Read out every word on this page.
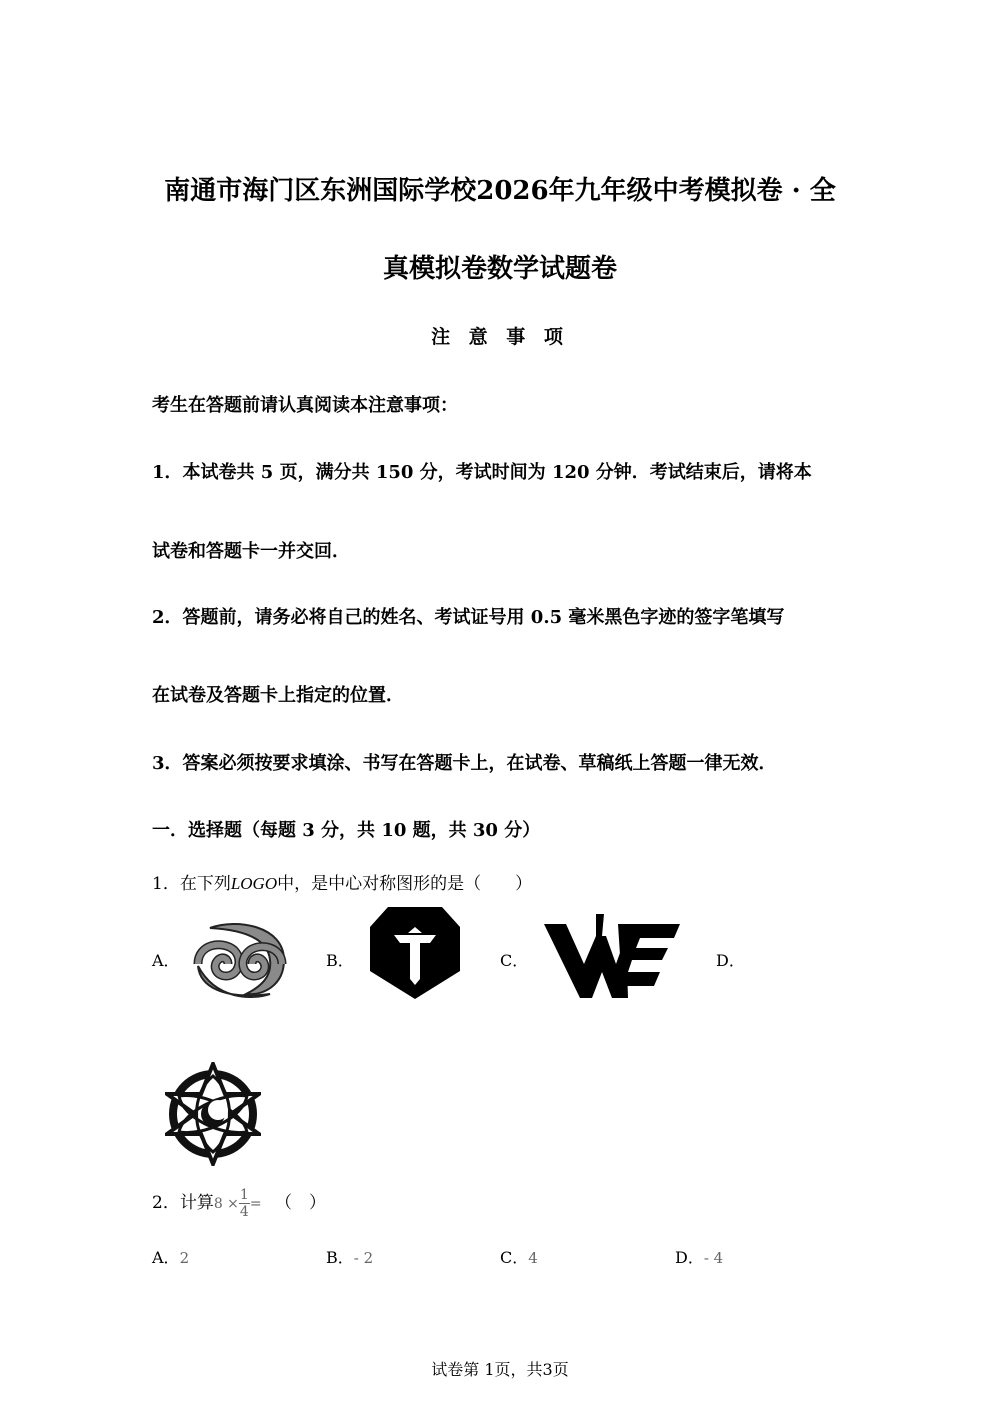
南通市海门区东洲国际学校2026年九年级中考模拟卷 · 全
真模拟卷数学试题卷
注 意 事 项
考生在答题前请认真阅读本注意事项：
1．本试卷共 5 页，满分共 150 分，考试时间为 120 分钟．考试结束后，请将本
试卷和答题卡一并交回．
2．答题前，请务必将自己的姓名、考试证号用 0.5 毫米黑色字迹的签字笔填写
在试卷及答题卡上指定的位置．
3．答案必须按要求填涂、书写在答题卡上，在试卷、草稿纸上答题一律无效．
一．选择题（每题 3 分，共 10 题，共 30 分）
1．在下列LOGO中，是中心对称图形的是（　　）
A．	B．	C．	D．
2．计算$8 \times \frac{1}{4}$ = （　）
A．2	B．- 2	C．4	D．- 4
试卷第 1页，共3页
